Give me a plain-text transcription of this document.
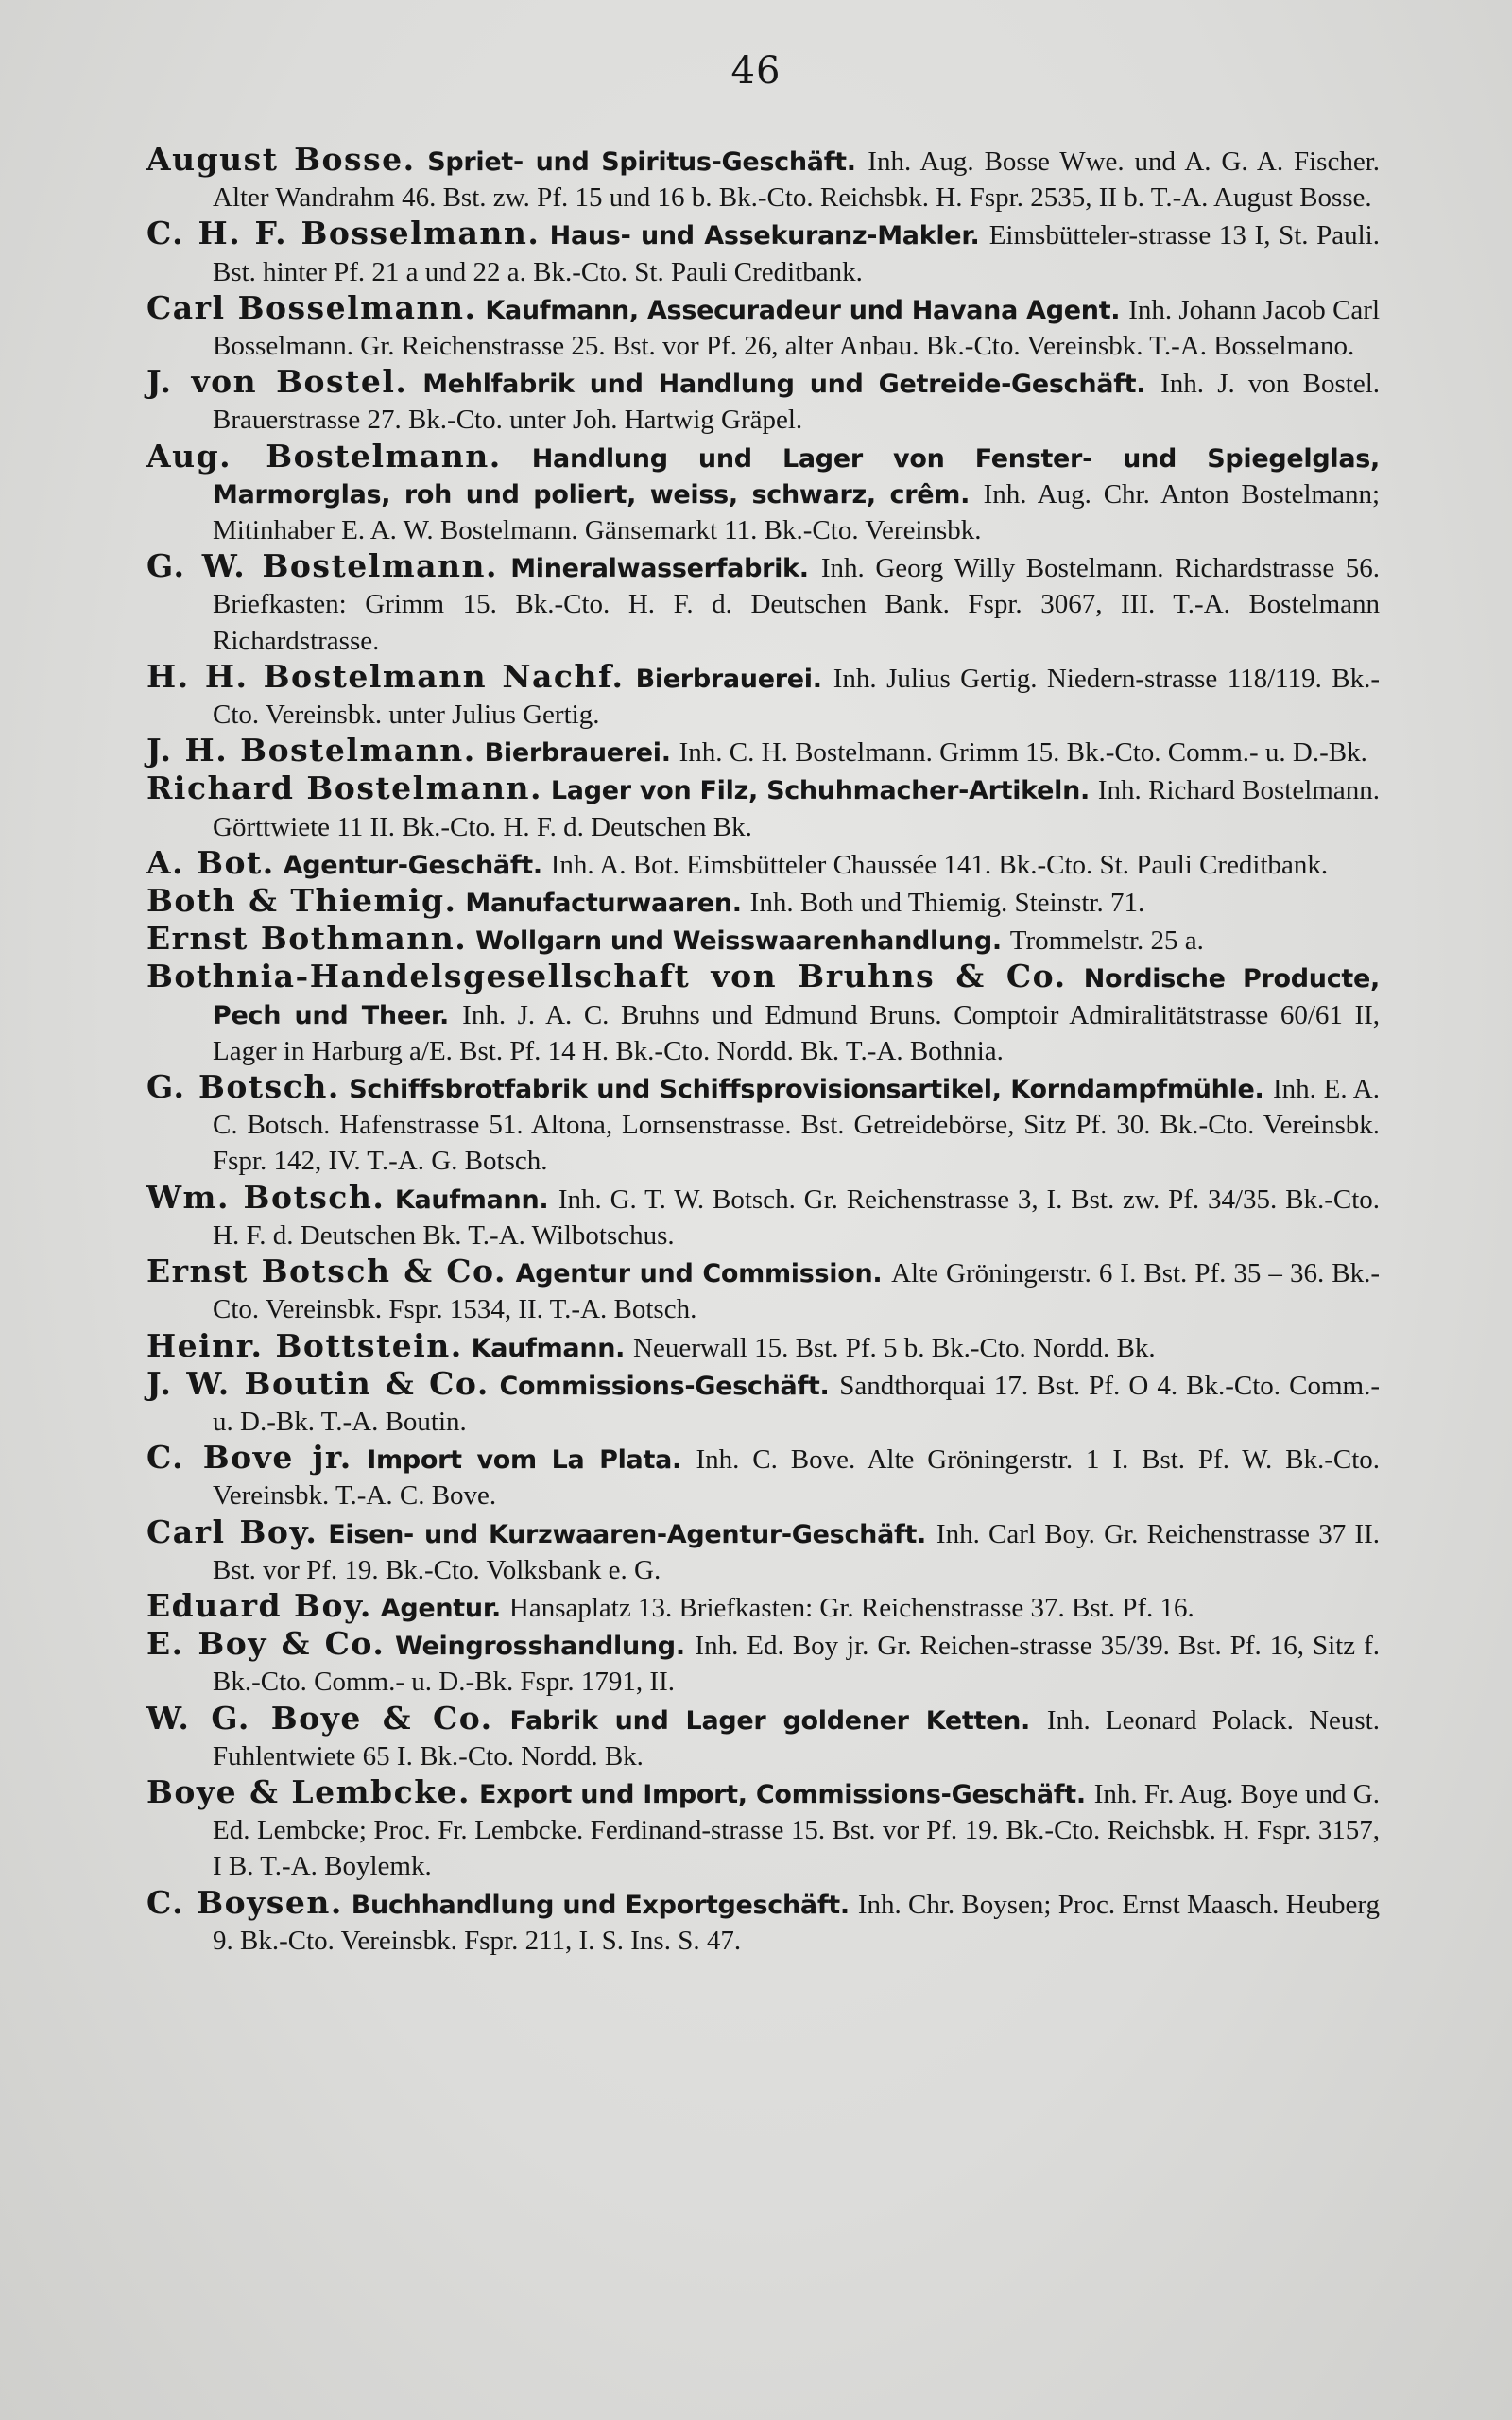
46

August Bosse. Spriet- und Spiritus-Geschäft. Inh. Aug. Bosse Wwe. und A. G. A. Fischer. Alter Wandrahm 46. Bst. zw. Pf. 15 und 16 b. Bk.-Cto. Reichsbk. H. Fspr. 2535, II b. T.-A. August Bosse.

C. H. F. Bosselmann. Haus- und Assekuranz-Makler. Eimsbütteler-strasse 13 I, St. Pauli. Bst. hinter Pf. 21 a und 22 a. Bk.-Cto. St. Pauli Creditbank.

Carl Bosselmann. Kaufmann, Assecuradeur und Havana Agent. Inh. Johann Jacob Carl Bosselmann. Gr. Reichenstrasse 25. Bst. vor Pf. 26, alter Anbau. Bk.-Cto. Vereinsbk. T.-A. Bosselmano.

J. von Bostel. Mehlfabrik und Handlung und Getreide-Geschäft. Inh. J. von Bostel. Brauerstrasse 27. Bk.-Cto. unter Joh. Hartwig Gräpel.

Aug. Bostelmann. Handlung und Lager von Fenster- und Spiegelglas, Marmorglas, roh und poliert, weiss, schwarz, crêm. Inh. Aug. Chr. Anton Bostelmann; Mitinhaber E. A. W. Bostelmann. Gänsemarkt 11. Bk.-Cto. Vereinsbk.

G. W. Bostelmann. Mineralwasserfabrik. Inh. Georg Willy Bostelmann. Richardstrasse 56. Briefkasten: Grimm 15. Bk.-Cto. H. F. d. Deutschen Bank. Fspr. 3067, III. T.-A. Bostelmann Richardstrasse.

H. H. Bostelmann Nachf. Bierbrauerei. Inh. Julius Gertig. Niedern-strasse 118/119. Bk.-Cto. Vereinsbk. unter Julius Gertig.

J. H. Bostelmann. Bierbrauerei. Inh. C. H. Bostelmann. Grimm 15. Bk.-Cto. Comm.- u. D.-Bk.

Richard Bostelmann. Lager von Filz, Schuhmacher-Artikeln. Inh. Richard Bostelmann. Görttwiete 11 II. Bk.-Cto. H. F. d. Deutschen Bk.

A. Bot. Agentur-Geschäft. Inh. A. Bot. Eimsbütteler Chaussée 141. Bk.-Cto. St. Pauli Creditbank.

Both & Thiemig. Manufacturwaaren. Inh. Both und Thiemig. Steinstr. 71.

Ernst Bothmann. Wollgarn und Weisswaarenhandlung. Trommelstr. 25 a.

Bothnia-Handelsgesellschaft von Bruhns & Co. Nordische Producte, Pech und Theer. Inh. J. A. C. Bruhns und Edmund Bruns. Comptoir Admiralitätstrasse 60/61 II, Lager in Harburg a/E. Bst. Pf. 14 H. Bk.-Cto. Nordd. Bk. T.-A. Bothnia.

G. Botsch. Schiffsbrotfabrik und Schiffsprovisionsartikel, Korndampfmühle. Inh. E. A. C. Botsch. Hafenstrasse 51. Altona, Lornsenstrasse. Bst. Getreidebörse, Sitz Pf. 30. Bk.-Cto. Vereinsbk. Fspr. 142, IV. T.-A. G. Botsch.

Wm. Botsch. Kaufmann. Inh. G. T. W. Botsch. Gr. Reichenstrasse 3, I. Bst. zw. Pf. 34/35. Bk.-Cto. H. F. d. Deutschen Bk. T.-A. Wilbotschus.

Ernst Botsch & Co. Agentur und Commission. Alte Gröningerstr. 6 I. Bst. Pf. 35 – 36. Bk.-Cto. Vereinsbk. Fspr. 1534, II. T.-A. Botsch.

Heinr. Bottstein. Kaufmann. Neuerwall 15. Bst. Pf. 5 b. Bk.-Cto. Nordd. Bk.

J. W. Boutin & Co. Commissions-Geschäft. Sandthorquai 17. Bst. Pf. O 4. Bk.-Cto. Comm.- u. D.-Bk. T.-A. Boutin.

C. Bove jr. Import vom La Plata. Inh. C. Bove. Alte Gröningerstr. 1 I. Bst. Pf. W. Bk.-Cto. Vereinsbk. T.-A. C. Bove.

Carl Boy. Eisen- und Kurzwaaren-Agentur-Geschäft. Inh. Carl Boy. Gr. Reichenstrasse 37 II. Bst. vor Pf. 19. Bk.-Cto. Volksbank e. G.

Eduard Boy. Agentur. Hansaplatz 13. Briefkasten: Gr. Reichenstrasse 37. Bst. Pf. 16.

E. Boy & Co. Weingrosshandlung. Inh. Ed. Boy jr. Gr. Reichen-strasse 35/39. Bst. Pf. 16, Sitz f. Bk.-Cto. Comm.- u. D.-Bk. Fspr. 1791, II.

W. G. Boye & Co. Fabrik und Lager goldener Ketten. Inh. Leonard Polack. Neust. Fuhlentwiete 65 I. Bk.-Cto. Nordd. Bk.

Boye & Lembcke. Export und Import, Commissions-Geschäft. Inh. Fr. Aug. Boye und G. Ed. Lembcke; Proc. Fr. Lembcke. Ferdinand-strasse 15. Bst. vor Pf. 19. Bk.-Cto. Reichsbk. H. Fspr. 3157, I B. T.-A. Boylemk.

C. Boysen. Buchhandlung und Exportgeschäft. Inh. Chr. Boysen; Proc. Ernst Maasch. Heuberg 9. Bk.-Cto. Vereinsbk. Fspr. 211, I. S. Ins. S. 47.
